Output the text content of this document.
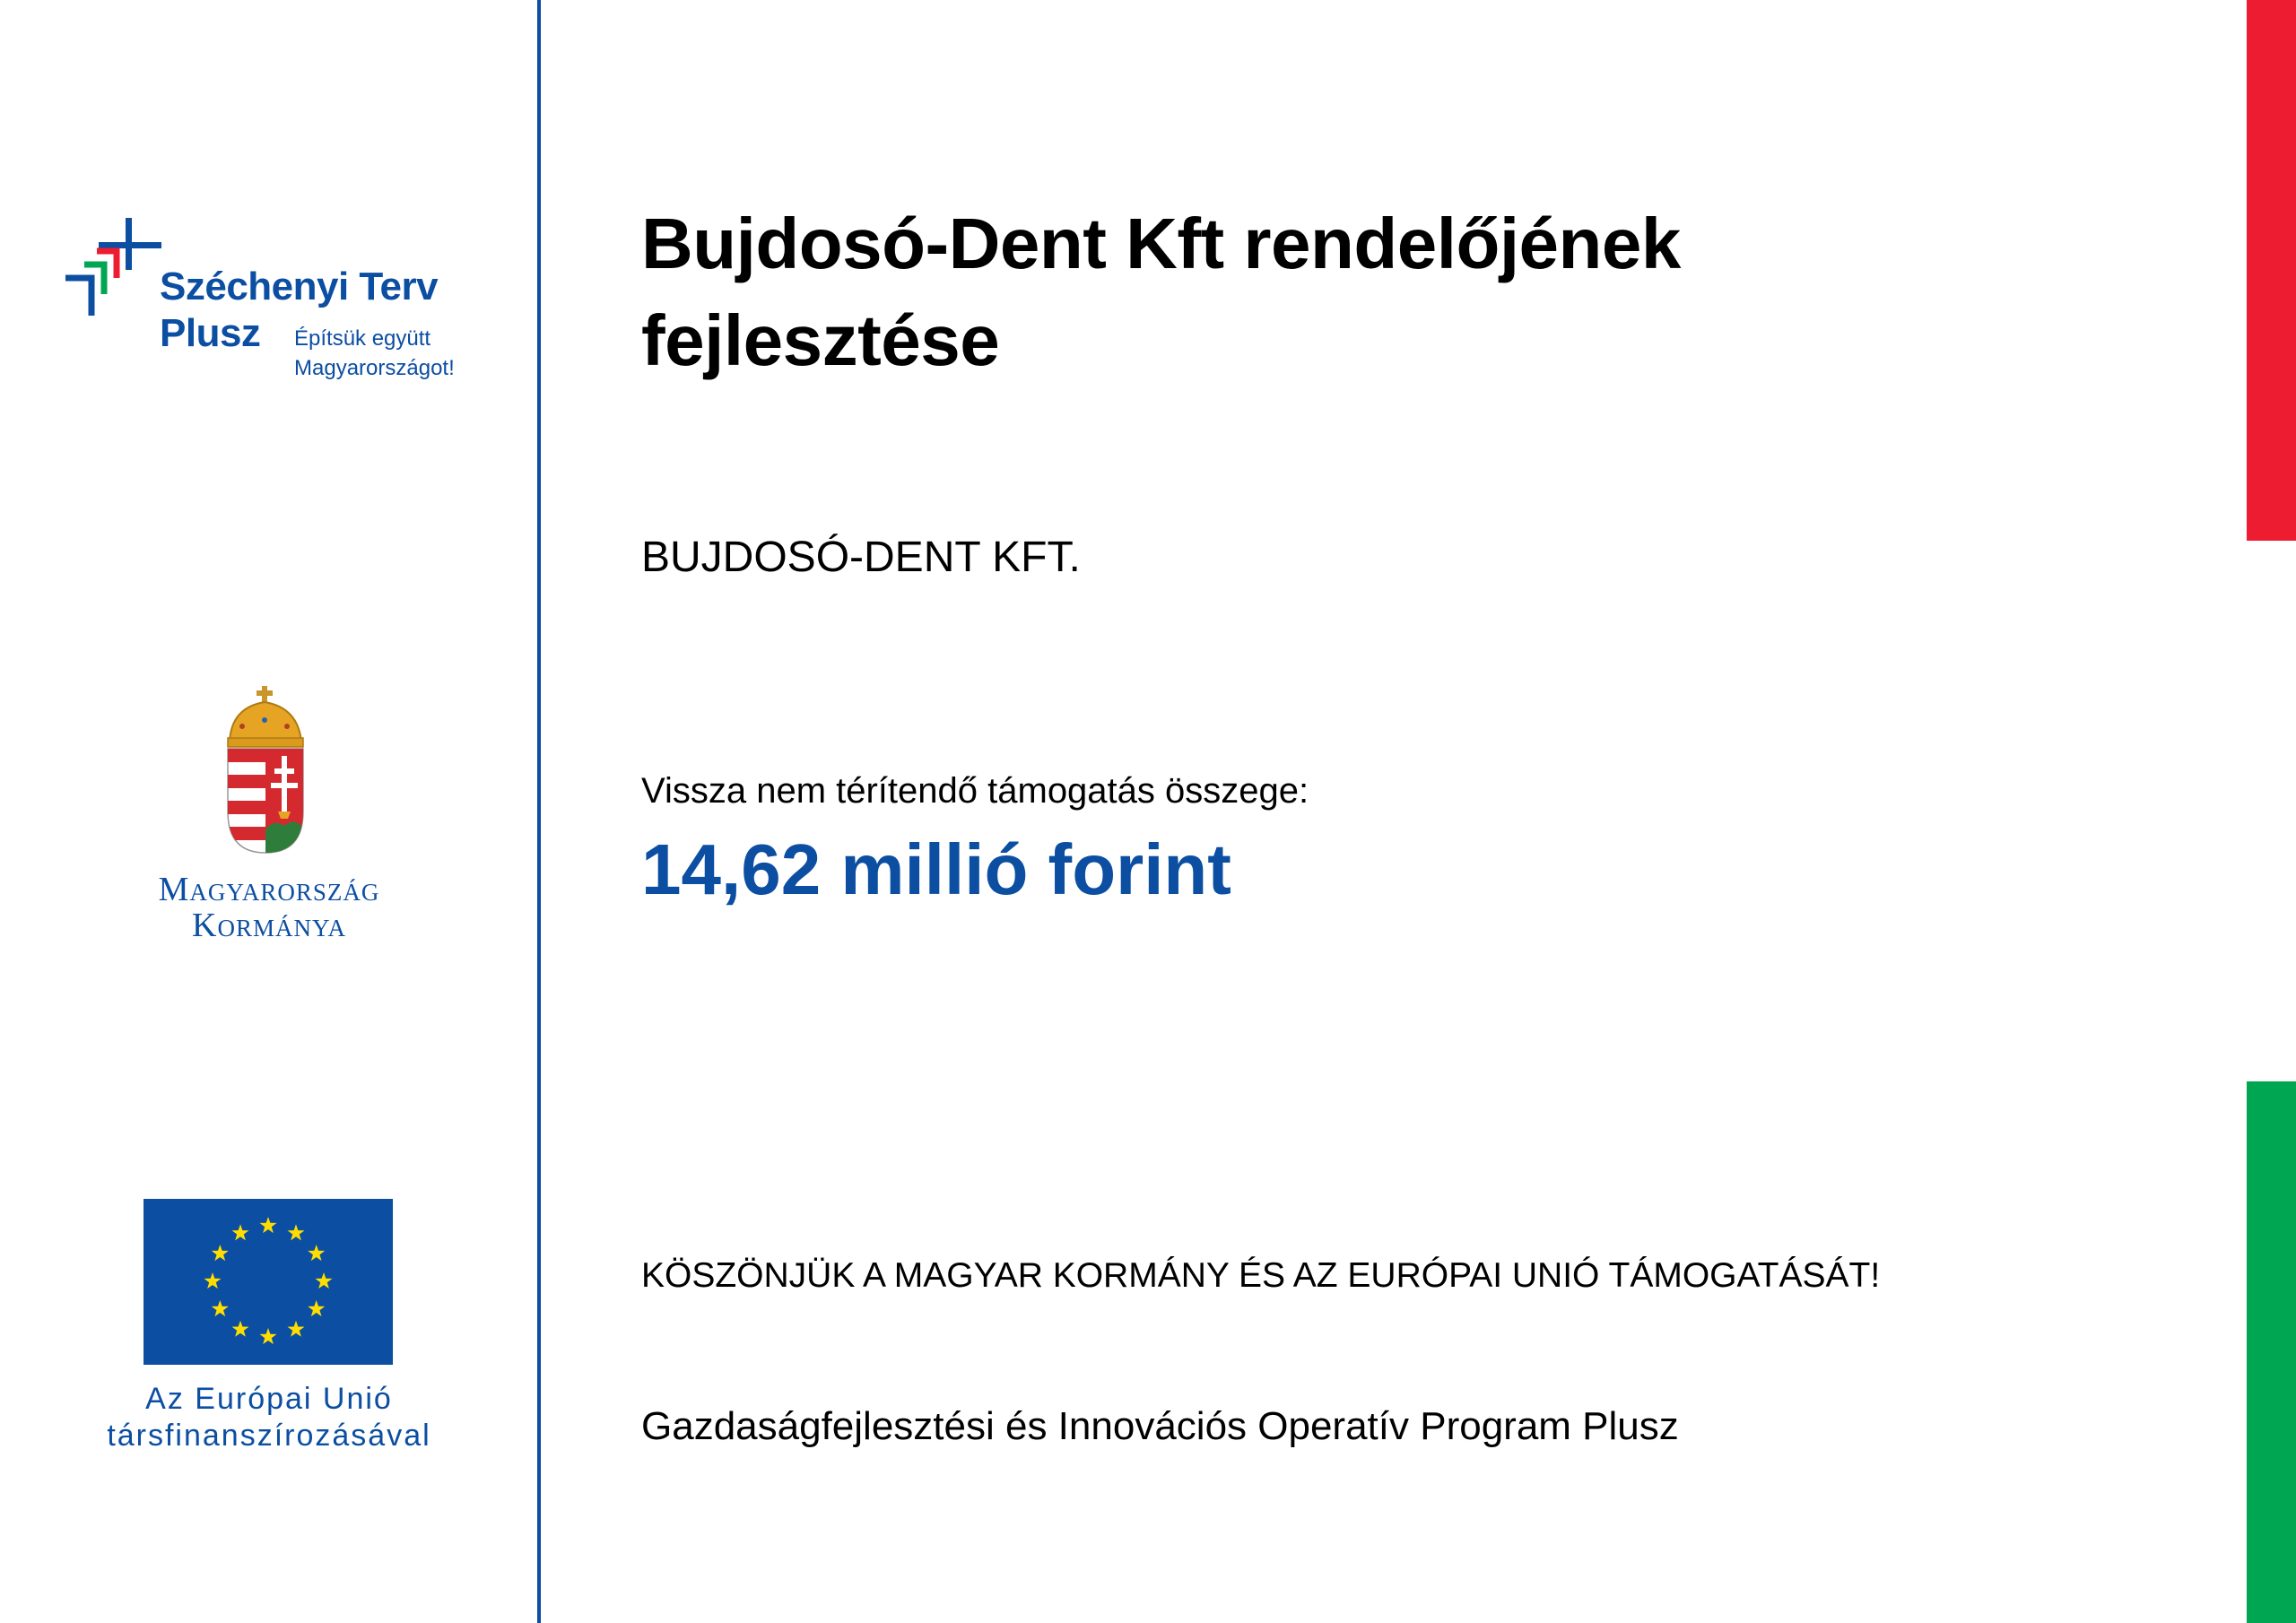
Széchenyi Terv
Plusz Építsük együtt
Magyarországot!
Magyarország
Kormánya
Az Európai Unió
társfinanszírozásával
Bujdosó-Dent Kft rendelőjének
fejlesztése
BUJDOSÓ-DENT KFT.
Vissza nem térítendő támogatás összege:
14,62 millió forint
KÖSZÖNJÜK A MAGYAR KORMÁNY ÉS AZ EURÓPAI UNIÓ TÁMOGATÁSÁT!
Gazdaságfejlesztési és Innovációs Operatív Program Plusz
